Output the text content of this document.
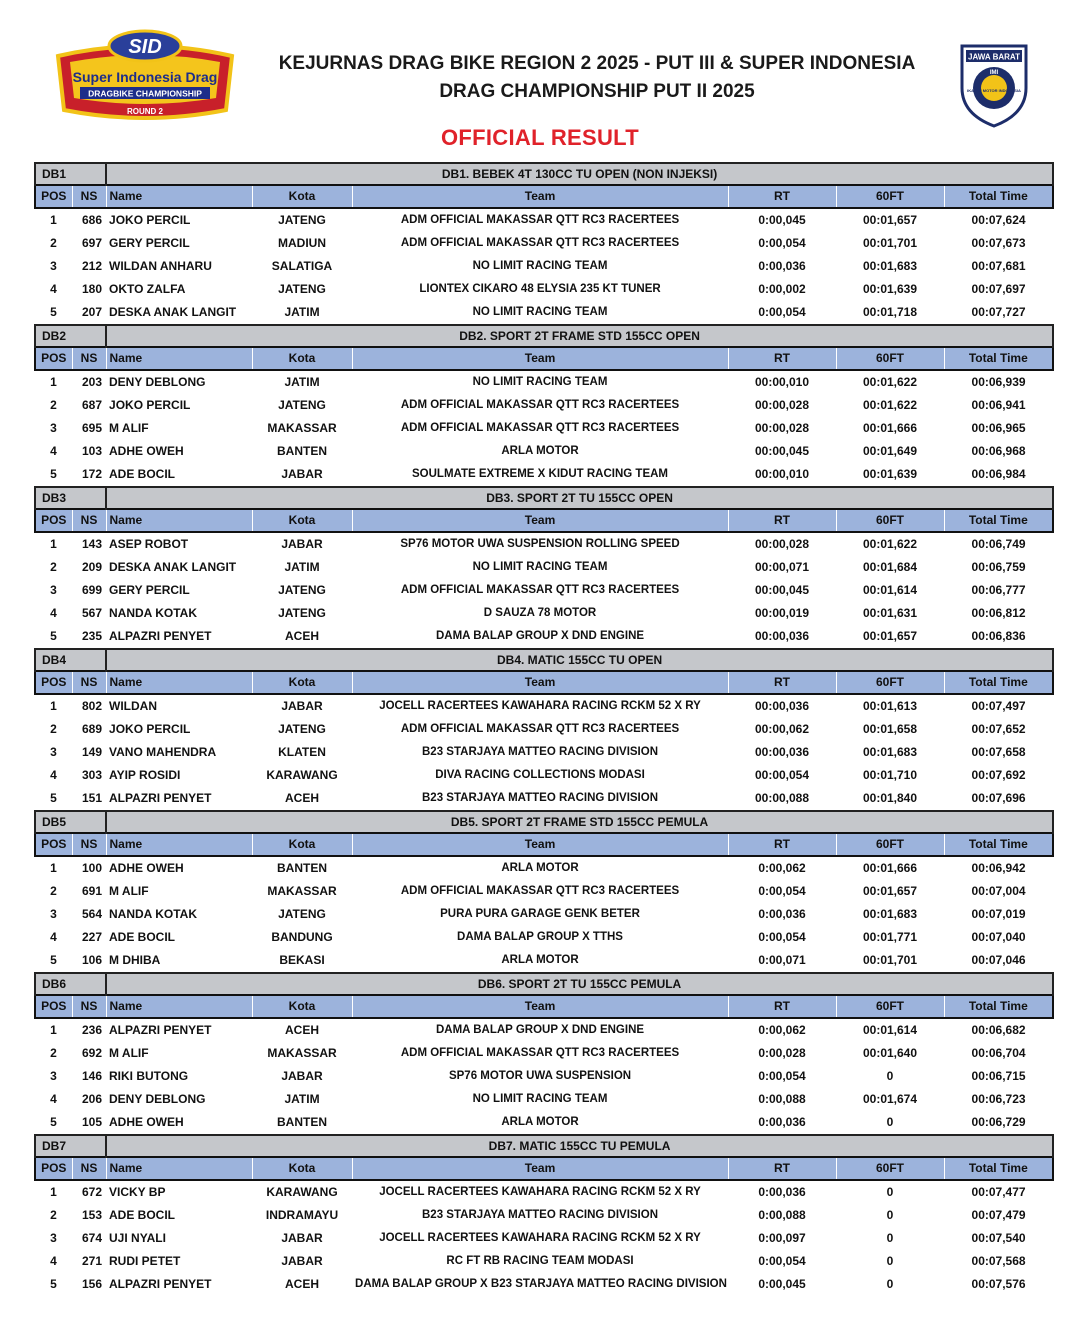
SID
Super Indonesia Drag
DRAGBIKE CHAMPIONSHIP
ROUND 2
KEJURNAS DRAG BIKE REGION 2 2025 - PUT III & SUPER INDONESIA DRAG CHAMPIONSHIP PUT II 2025
OFFICIAL RESULT
JAWA BARAT
IMI
IKATAN MOTOR INDONESIA
DB1		DB1. BEBEK 4T 130CC TU OPEN (NON INJEKSI)					
POS	NS	Name	Kota	Team	RT	60FT	Total Time
1	686	JOKO PERCIL	JATENG	ADM OFFICIAL MAKASSAR QTT RC3 RACERTEES	0:00,045	00:01,657	00:07,624
2	697	GERY PERCIL	MADIUN	ADM OFFICIAL MAKASSAR QTT RC3 RACERTEES	0:00,054	00:01,701	00:07,673
3	212	WILDAN ANHARU	SALATIGA	NO LIMIT RACING TEAM	0:00,036	00:01,683	00:07,681
4	180	OKTO ZALFA	JATENG	LIONTEX CIKARO 48 ELYSIA 235 KT TUNER	0:00,002	00:01,639	00:07,697
5	207	DESKA ANAK LANGIT	JATIM	NO LIMIT RACING TEAM	0:00,054	00:01,718	00:07,727
DB2		DB2. SPORT 2T FRAME STD 155CC OPEN					
POS	NS	Name	Kota	Team	RT	60FT	Total Time
1	203	DENY DEBLONG	JATIM	NO LIMIT RACING TEAM	00:00,010	00:01,622	00:06,939
2	687	JOKO PERCIL	JATENG	ADM OFFICIAL MAKASSAR QTT RC3 RACERTEES	00:00,028	00:01,622	00:06,941
3	695	M ALIF	MAKASSAR	ADM OFFICIAL MAKASSAR QTT RC3 RACERTEES	00:00,028	00:01,666	00:06,965
4	103	ADHE OWEH	BANTEN	ARLA MOTOR	00:00,045	00:01,649	00:06,968
5	172	ADE BOCIL	JABAR	SOULMATE EXTREME X KIDUT RACING TEAM	00:00,010	00:01,639	00:06,984
DB3		DB3. SPORT 2T TU 155CC OPEN					
POS	NS	Name	Kota	Team	RT	60FT	Total Time
1	143	ASEP ROBOT	JABAR	SP76 MOTOR UWA SUSPENSION ROLLING SPEED	00:00,028	00:01,622	00:06,749
2	209	DESKA ANAK LANGIT	JATIM	NO LIMIT RACING TEAM	00:00,071	00:01,684	00:06,759
3	699	GERY PERCIL	JATENG	ADM OFFICIAL MAKASSAR QTT RC3 RACERTEES	00:00,045	00:01,614	00:06,777
4	567	NANDA KOTAK	JATENG	D SAUZA 78 MOTOR	00:00,019	00:01,631	00:06,812
5	235	ALPAZRI PENYET	ACEH	DAMA BALAP GROUP X DND ENGINE	00:00,036	00:01,657	00:06,836
DB4		DB4. MATIC 155CC TU OPEN					
POS	NS	Name	Kota	Team	RT	60FT	Total Time
1	802	WILDAN	JABAR	JOCELL RACERTEES KAWAHARA RACING RCKM 52 X RY	00:00,036	00:01,613	00:07,497
2	689	JOKO PERCIL	JATENG	ADM OFFICIAL MAKASSAR QTT RC3 RACERTEES	00:00,062	00:01,658	00:07,652
3	149	VANO MAHENDRA	KLATEN	B23 STARJAYA MATTEO RACING DIVISION	00:00,036	00:01,683	00:07,658
4	303	AYIP ROSIDI	KARAWANG	DIVA RACING COLLECTIONS MODASI	00:00,054	00:01,710	00:07,692
5	151	ALPAZRI PENYET	ACEH	B23 STARJAYA MATTEO RACING DIVISION	00:00,088	00:01,840	00:07,696
DB5		DB5. SPORT 2T FRAME STD 155CC PEMULA					
POS	NS	Name	Kota	Team	RT	60FT	Total Time
1	100	ADHE OWEH	BANTEN	ARLA MOTOR	0:00,062	00:01,666	00:06,942
2	691	M ALIF	MAKASSAR	ADM OFFICIAL MAKASSAR QTT RC3 RACERTEES	0:00,054	00:01,657	00:07,004
3	564	NANDA KOTAK	JATENG	PURA PURA GARAGE GENK BETER	0:00,036	00:01,683	00:07,019
4	227	ADE BOCIL	BANDUNG	DAMA BALAP GROUP X TTHS	0:00,054	00:01,771	00:07,040
5	106	M DHIBA	BEKASI	ARLA MOTOR	0:00,071	00:01,701	00:07,046
DB6		DB6. SPORT 2T TU 155CC PEMULA					
POS	NS	Name	Kota	Team	RT	60FT	Total Time
1	236	ALPAZRI PENYET	ACEH	DAMA BALAP GROUP X DND ENGINE	0:00,062	00:01,614	00:06,682
2	692	M ALIF	MAKASSAR	ADM OFFICIAL MAKASSAR QTT RC3 RACERTEES	0:00,028	00:01,640	00:06,704
3	146	RIKI BUTONG	JABAR	SP76 MOTOR UWA SUSPENSION	0:00,054	0	00:06,715
4	206	DENY DEBLONG	JATIM	NO LIMIT RACING TEAM	0:00,088	00:01,674	00:06,723
5	105	ADHE OWEH	BANTEN	ARLA MOTOR	0:00,036	0	00:06,729
DB7		DB7. MATIC 155CC TU PEMULA					
POS	NS	Name	Kota	Team	RT	60FT	Total Time
1	672	VICKY BP	KARAWANG	JOCELL RACERTEES KAWAHARA RACING RCKM 52 X RY	0:00,036	0	00:07,477
2	153	ADE BOCIL	INDRAMAYU	B23 STARJAYA MATTEO RACING DIVISION	0:00,088	0	00:07,479
3	674	UJI NYALI	JABAR	JOCELL RACERTEES KAWAHARA RACING RCKM 52 X RY	0:00,097	0	00:07,540
4	271	RUDI PETET	JABAR	RC FT RB RACING TEAM MODASI	0:00,054	0	00:07,568
5	156	ALPAZRI PENYET	ACEH	DAMA BALAP GROUP X B23 STARJAYA MATTEO RACING DIVISION	0:00,045	0	00:07,576
